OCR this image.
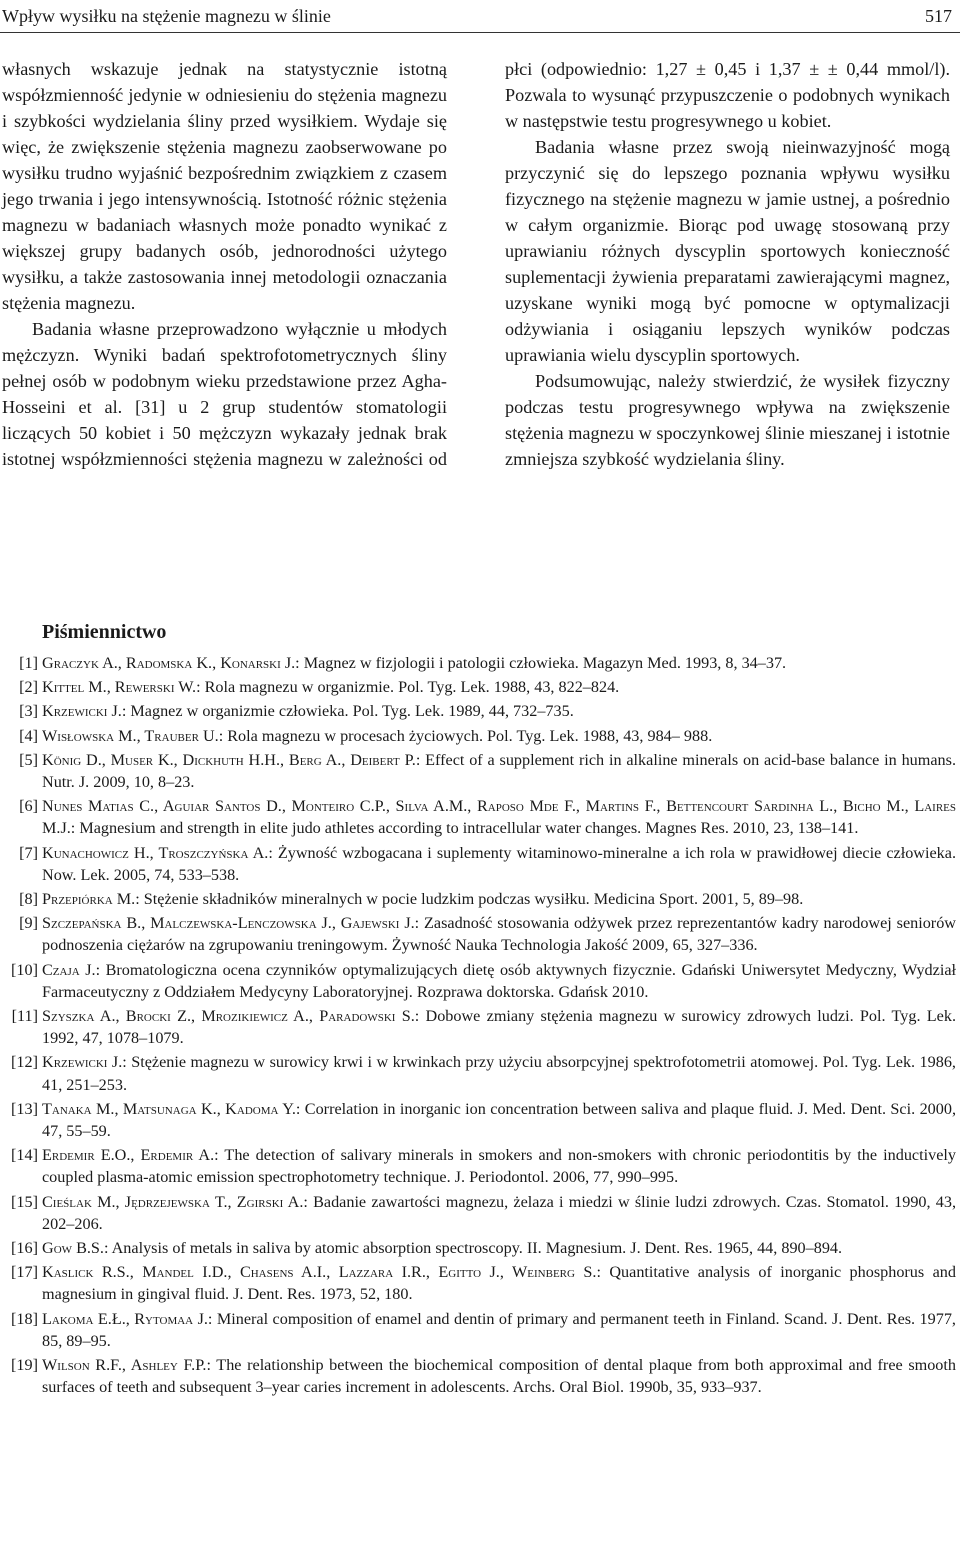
Wpływ wysiłku na stężenie magnezu w ślinie	517

własnych wskazuje jednak na statystycznie istotną współzmienność jedynie w odniesieniu do stężenia magnezu i szybkości wydzielania śliny przed wysiłkiem. Wydaje się więc, że zwiększenie stężenia magnezu zaobserwowane po wysiłku trudno wyjaśnić bezpośrednim związkiem z czasem jego trwania i jego intensywnością. Istotność różnic stężenia magnezu w badaniach własnych może ponadto wynikać z większej grupy badanych osób, jednorodności użytego wysiłku, a także zastosowania innej metodologii oznaczania stężenia magnezu.

Badania własne przeprowadzono wyłącznie u młodych mężczyzn. Wyniki badań spektrofotometrycznych śliny pełnej osób w podobnym wieku przedstawione przez Agha-Hosseini et al. [31] u 2 grup studentów stomatologii liczących 50 kobiet i 50 mężczyzn wykazały jednak brak istotnej współzmienności stężenia magnezu w zależności od płci (odpowiednio: 1,27 ± 0,45 i 1,37 ± ± 0,44 mmol/l). Pozwala to wysunąć przypuszczenie o podobnych wynikach w następstwie testu progresywnego u kobiet.

Badania własne przez swoją nieinwazyjność mogą przyczynić się do lepszego poznania wpływu wysiłku fizycznego na stężenie magnezu w jamie ustnej, a pośrednio w całym organizmie. Biorąc pod uwagę stosowaną przy uprawianiu różnych dyscyplin sportowych konieczność suplementacji żywienia preparatami zawierającymi magnez, uzyskane wyniki mogą być pomocne w optymalizacji odżywiania i osiąganiu lepszych wyników podczas uprawiania wielu dyscyplin sportowych.

Podsumowując, należy stwierdzić, że wysiłek fizyczny podczas testu progresywnego wpływa na zwiększenie stężenia magnezu w spoczynkowej ślinie mieszanej i istotnie zmniejsza szybkość wydzielania śliny.

Piśmiennictwo
[1] Graczyk A., Radomska K., Konarski J.: Magnez w fizjologii i patologii człowieka. Magazyn Med. 1993, 8, 34–37.
[2] Kittel M., Rewerski W.: Rola magnezu w organizmie. Pol. Tyg. Lek. 1988, 43, 822–824.
[3] Krzewicki J.: Magnez w organizmie człowieka. Pol. Tyg. Lek. 1989, 44, 732–735.
[4] Wisłowska M., Trauber U.: Rola magnezu w procesach życiowych. Pol. Tyg. Lek. 1988, 43, 984– 988.
[5] König D., Muser K., Dickhuth H.H., Berg A., Deibert P.: Effect of a supplement rich in alkaline minerals on acid-base balance in humans. Nutr. J. 2009, 10, 8–23.
[6] Nunes Matias C., Aguiar Santos D., Monteiro C.P., Silva A.M., Raposo Mde F., Martins F., Bettencourt Sardinha L., Bicho M., Laires M.J.: Magnesium and strength in elite judo athletes according to intracellular water changes. Magnes Res. 2010, 23, 138–141.
[7] Kunachowicz H., Troszczyńska A.: Żywność wzbogacana i suplementy witaminowo-mineralne a ich rola w prawidłowej diecie człowieka. Now. Lek. 2005, 74, 533–538.
[8] Przepiórka M.: Stężenie składników mineralnych w pocie ludzkim podczas wysiłku. Medicina Sport. 2001, 5, 89–98.
[9] Szczepańska B., Malczewska-Lenczowska J., Gajewski J.: Zasadność stosowania odżywek przez reprezentantów kadry narodowej seniorów podnoszenia ciężarów na zgrupowaniu treningowym. Żywność Nauka Technologia Jakość 2009, 65, 327–336.
[10] Czaja J.: Bromatologiczna ocena czynników optymalizujących dietę osób aktywnych fizycznie. Gdański Uniwersytet Medyczny, Wydział Farmaceutyczny z Oddziałem Medycyny Laboratoryjnej. Rozprawa doktorska. Gdańsk 2010.
[11] Szyszka A., Brocki Z., Mrozikiewicz A., Paradowski S.: Dobowe zmiany stężenia magnezu w surowicy zdrowych ludzi. Pol. Tyg. Lek. 1992, 47, 1078–1079.
[12] Krzewicki J.: Stężenie magnezu w surowicy krwi i w krwinkach przy użyciu absorpcyjnej spektrofotometrii atomowej. Pol. Tyg. Lek. 1986, 41, 251–253.
[13] Tanaka M., Matsunaga K., Kadoma Y.: Correlation in inorganic ion concentration between saliva and plaque fluid. J. Med. Dent. Sci. 2000, 47, 55–59.
[14] Erdemir E.O., Erdemir A.: The detection of salivary minerals in smokers and non-smokers with chronic periodontitis by the inductively coupled plasma-atomic emission spectrophotometry technique. J. Periodontol. 2006, 77, 990–995.
[15] Cieślak M., Jędrzejewska T., Zgirski A.: Badanie zawartości magnezu, żelaza i miedzi w ślinie ludzi zdrowych. Czas. Stomatol. 1990, 43, 202–206.
[16] Gow B.S.: Analysis of metals in saliva by atomic absorption spectroscopy. II. Magnesium. J. Dent. Res. 1965, 44, 890–894.
[17] Kaslick R.S., Mandel I.D., Chasens A.I., Lazzara I.R., Egitto J., Weinberg S.: Quantitative analysis of inorganic phosphorus and magnesium in gingival fluid. J. Dent. Res. 1973, 52, 180.
[18] Lakoma E.Ł., Rytomaa J.: Mineral composition of enamel and dentin of primary and permanent teeth in Finland. Scand. J. Dent. Res. 1977, 85, 89–95.
[19] Wilson R.F., Ashley F.P.: The relationship between the biochemical composition of dental plaque from both approximal and free smooth surfaces of teeth and subsequent 3–year caries increment in adolescents. Archs. Oral Biol. 1990b, 35, 933–937.
